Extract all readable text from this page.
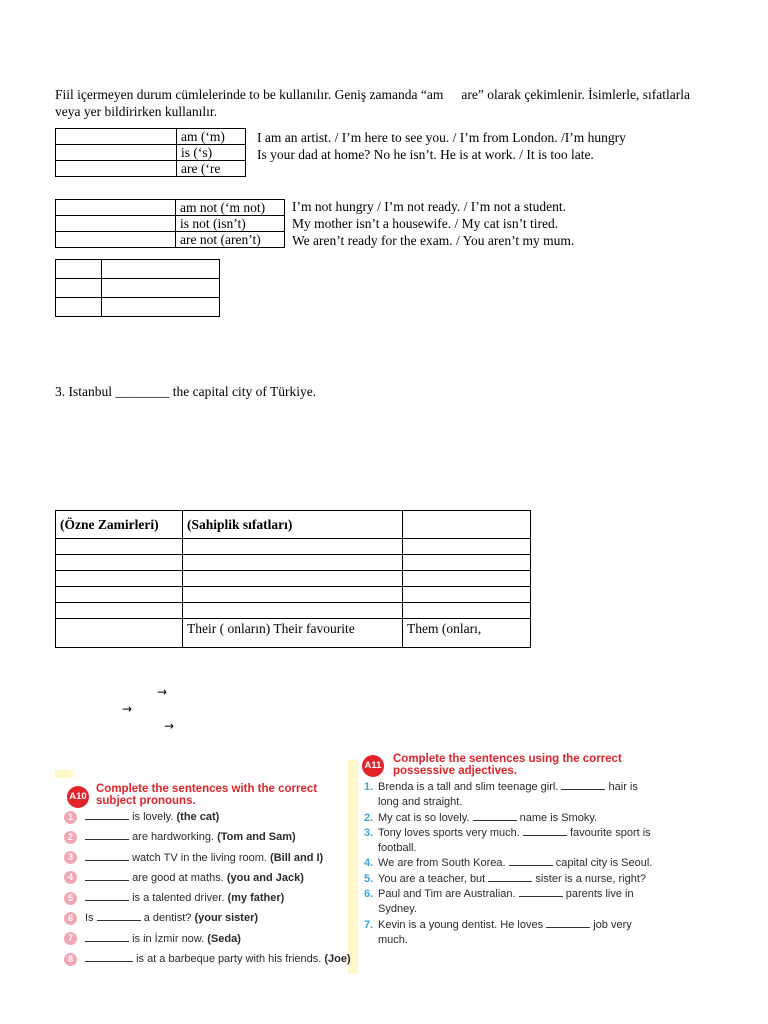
Fiil içermeyen durum cümlelerinde to be kullanılır. Geniş zamanda “am are” olarak çekimlenir. İsimlerle, sıfatlarla
veya yer bildirirken kullanılır.
	am (‘m)
	is (‘s)
	are (‘re
I am an artist. / I’m here to see you. / I’m from London. /I’m hungry
Is your dad at home? No he isn’t. He is at work. / It is too late.
	am not (‘m not)
	is not (isn’t)
	are not (aren’t)
I’m not hungry / I’m not ready. / I’m not a student.
My mother isn’t a housewife. / My cat isn’t tired.
We aren’t ready for the exam. / You aren’t my mum.

3. Istanbul ________ the capital city of Türkiye.
(Özne Zamirleri)	(Sahiplik sıfatları)	

	Their ( onların) Their favourite	Them (onları,
→
→
→
A10
Complete the sentences with the correct subject pronouns.
1	is lovely. (the cat)
2	are hardworking. (Tom and Sam)
3	watch TV in the living room. (Bill and I)
4	are good at maths. (you and Jack)
5	is a talented driver. (my father)
6 Is	a dentist? (your sister)
7	is in İzmir now. (Seda)
8	is at a barbeque party with his friends. (Joe)
A11
Complete the sentences using the correct possessive adjectives.
1. Brenda is a tall and slim teenage girl.	hair is long and straight.
2. My cat is so lovely.	name is Smoky.
3. Tony loves sports very much.	favourite sport is football.
4. We are from South Korea.	capital city is Seoul.
5. You are a teacher, but	sister is a nurse, right?
6. Paul and Tim are Australian.	parents live in Sydney.
7. Kevin is a young dentist. He loves	job very much.
